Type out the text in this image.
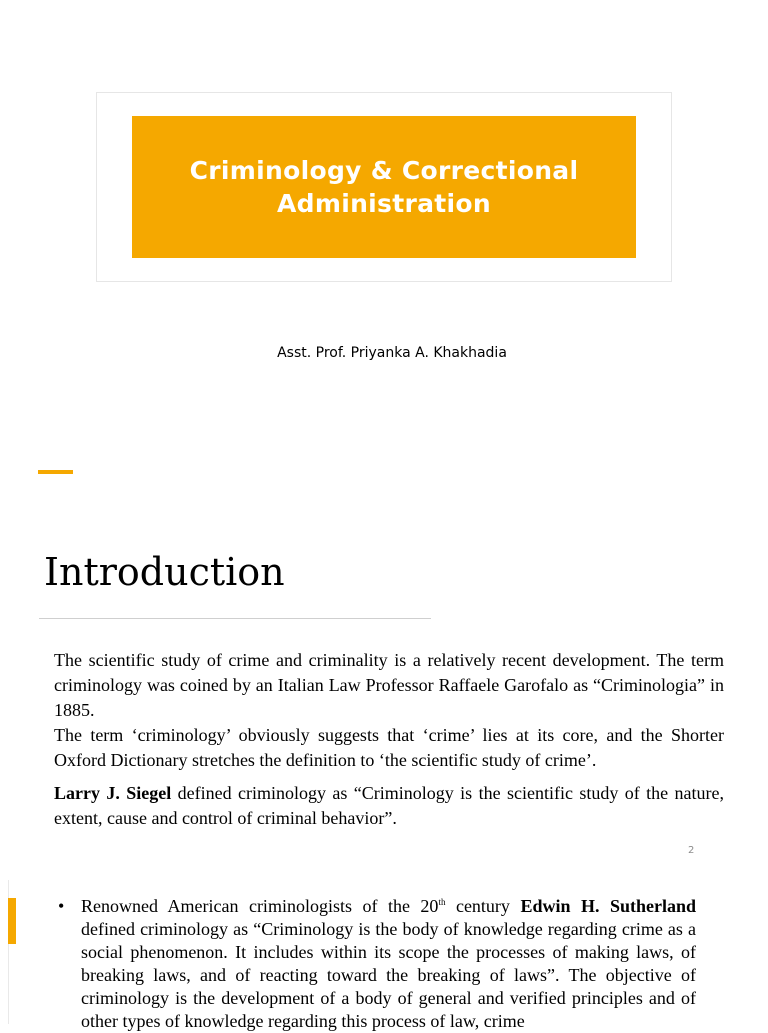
Criminology & Correctional Administration
Asst. Prof. Priyanka A. Khakhadia
Introduction

The scientific study of crime and criminality is a relatively recent development. The term criminology was coined by an Italian Law Professor Raffaele Garofalo as “Criminologia” in 1885.

The term ‘criminology’ obviously suggests that ‘crime’ lies at its core, and the Shorter Oxford Dictionary stretches the definition to ‘the scientific study of crime’.

Larry J. Siegel defined criminology as “Criminology is the scientific study of the nature, extent, cause and control of criminal behavior”.

2
• Renowned American criminologists of the 20th century Edwin H. Sutherland defined criminology as “Criminology is the body of knowledge regarding crime as a social phenomenon. It includes within its scope the processes of making laws, of breaking laws, and of reacting toward the breaking of laws”. The objective of criminology is the development of a body of general and verified principles and of other types of knowledge regarding this process of law, crime
